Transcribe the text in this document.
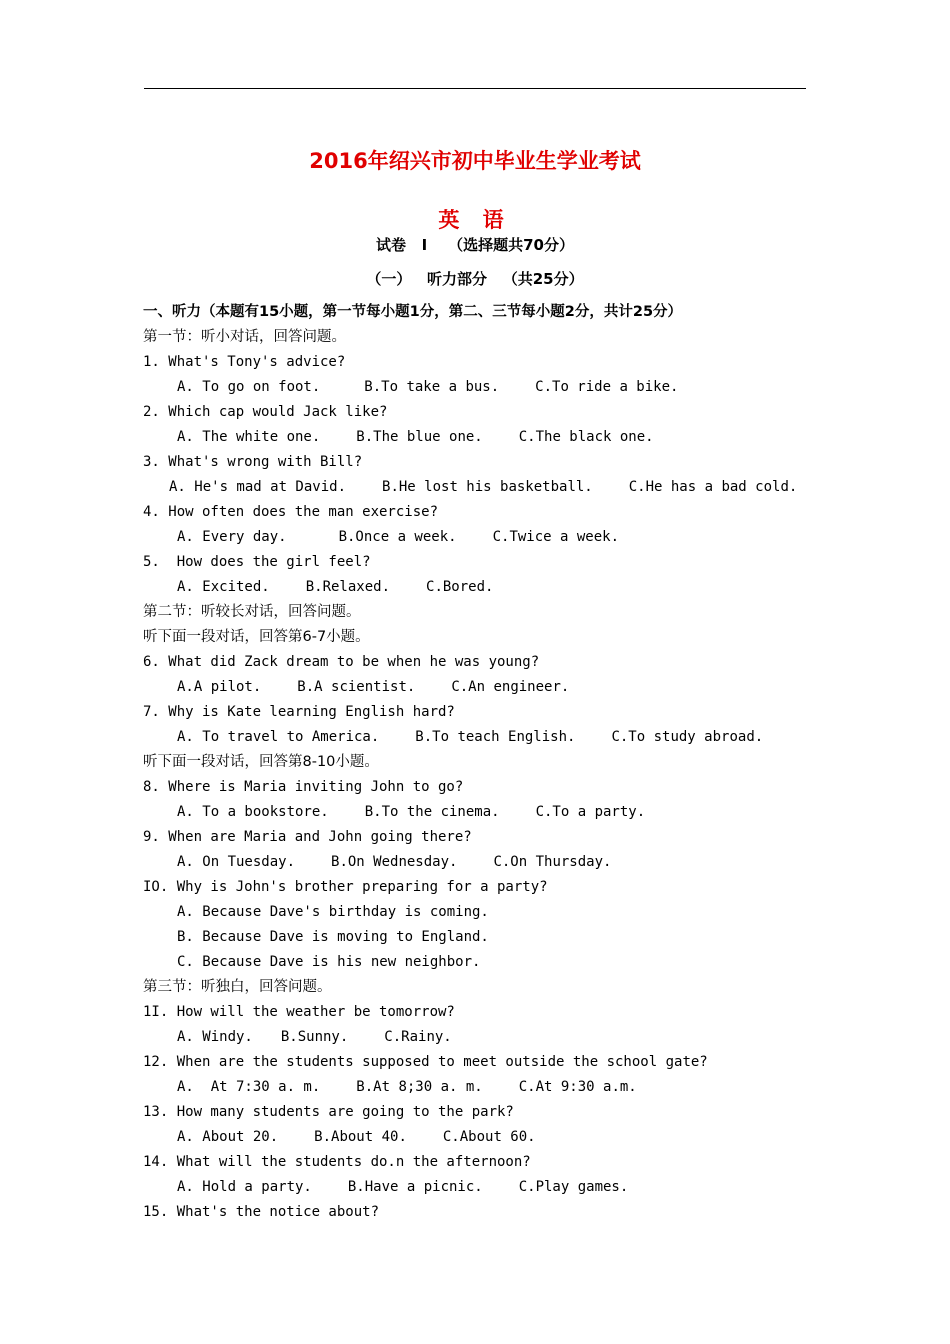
2016年绍兴市初中毕业生学业考试
英 语
试卷   I    （选择题共70分）
（一）   听力部分   （共25分）
一、听力（本题有15小题，第一节每小题1分，第二、三节每小题2分，共计25分）
第一节：听小对话，回答问题。
1. What's Tony's advice?
A. To go on foot.	B.To take a bus.	C.To ride a bike.
2. Which cap would Jack like?
A. The white one.	B.The blue one.	C.The black one.
3. What's wrong with Bill?
A. He's mad at David.	B.He lost his basketball.	C.He has a bad cold.
4. How often does the man exercise?
A. Every day.	B.Once a week.	C.Twice a week.
5.  How does the girl feel?
A. Excited.	B.Relaxed.	C.Bored.
第二节：听较长对话，回答问题。
听下面一段对话，回答第6-7小题。
6. What did Zack dream to be when he was young?
A.A pilot.	B.A scientist.	C.An engineer.
7. Why is Kate learning English hard?
A. To travel to America.	B.To teach English.	C.To study abroad.
听下面一段对话，回答第8-10小题。
8. Where is Maria inviting John to go?
A. To a bookstore.	B.To the cinema.	C.To a party.
9. When are Maria and John going there?
A. On Tuesday.	B.On Wednesday.	C.On Thursday.
IO. Why is John's brother preparing for a party?
A. Because Dave's birthday is coming.
B. Because Dave is moving to England.
C. Because Dave is his new neighbor.
第三节：听独白，回答问题。
1I. How will the weather be tomorrow?
A. Windy. B.Sunny.	C.Rainy.
12. When are the students supposed to meet outside the school gate?
A.  At 7:30 a. m.	B.At 8;30 a. m.	C.At 9:30 a.m.
13. How many students are going to the park?
A. About 20.	B.About 40.	C.About 60.
14. What will the students do.n the afternoon?
A. Hold a party.	B.Have a picnic.	C.Play games.
15. What's the notice about?
